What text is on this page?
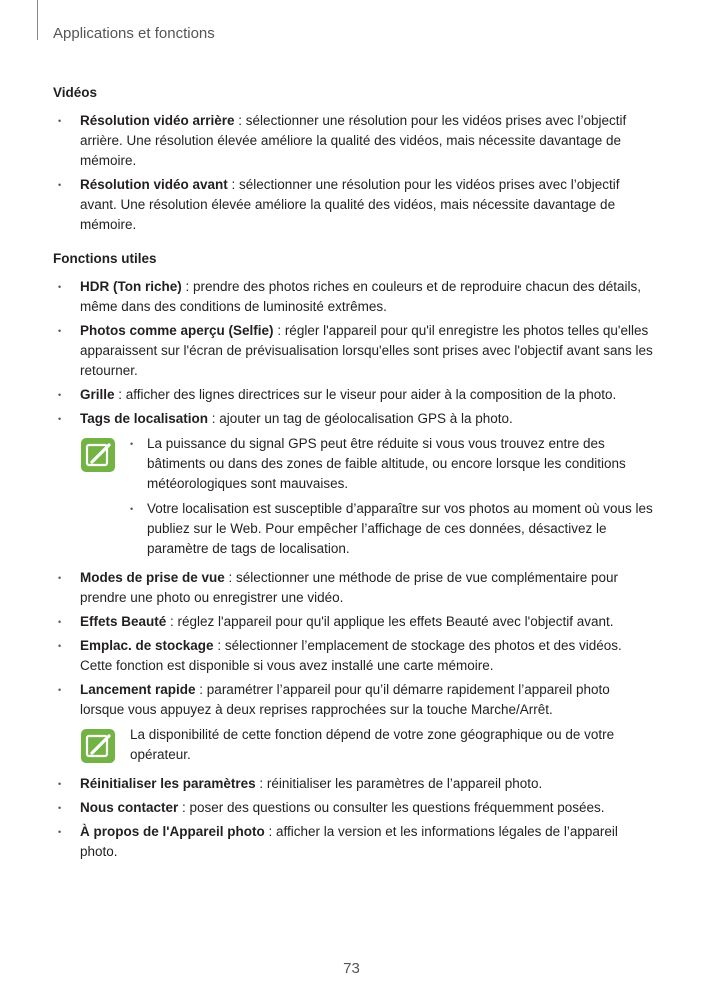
Applications et fonctions
Vidéos
• Résolution vidéo arrière : sélectionner une résolution pour les vidéos prises avec l’objectif arrière. Une résolution élevée améliore la qualité des vidéos, mais nécessite davantage de mémoire.
• Résolution vidéo avant : sélectionner une résolution pour les vidéos prises avec l’objectif avant. Une résolution élevée améliore la qualité des vidéos, mais nécessite davantage de mémoire.
Fonctions utiles
• HDR (Ton riche) : prendre des photos riches en couleurs et de reproduire chacun des détails, même dans des conditions de luminosité extrêmes.
• Photos comme aperçu (Selfie) : régler l'appareil pour qu'il enregistre les photos telles qu'elles apparaissent sur l'écran de prévisualisation lorsqu'elles sont prises avec l'objectif avant sans les retourner.
• Grille : afficher des lignes directrices sur le viseur pour aider à la composition de la photo.
• Tags de localisation : ajouter un tag de géolocalisation GPS à la photo.
• La puissance du signal GPS peut être réduite si vous vous trouvez entre des bâtiments ou dans des zones de faible altitude, ou encore lorsque les conditions météorologiques sont mauvaises.
• Votre localisation est susceptible d’apparaître sur vos photos au moment où vous les publiez sur le Web. Pour empêcher l’affichage de ces données, désactivez le paramètre de tags de localisation.
• Modes de prise de vue : sélectionner une méthode de prise de vue complémentaire pour prendre une photo ou enregistrer une vidéo.
• Effets Beauté : réglez l'appareil pour qu'il applique les effets Beauté avec l'objectif avant.
• Emplac. de stockage : sélectionner l’emplacement de stockage des photos et des vidéos. Cette fonction est disponible si vous avez installé une carte mémoire.
• Lancement rapide : paramétrer l’appareil pour qu’il démarre rapidement l’appareil photo lorsque vous appuyez à deux reprises rapprochées sur la touche Marche/Arrêt.
La disponibilité de cette fonction dépend de votre zone géographique ou de votre opérateur.
• Réinitialiser les paramètres : réinitialiser les paramètres de l’appareil photo.
• Nous contacter : poser des questions ou consulter les questions fréquemment posées.
• À propos de l'Appareil photo : afficher la version et les informations légales de l’appareil photo.
73
